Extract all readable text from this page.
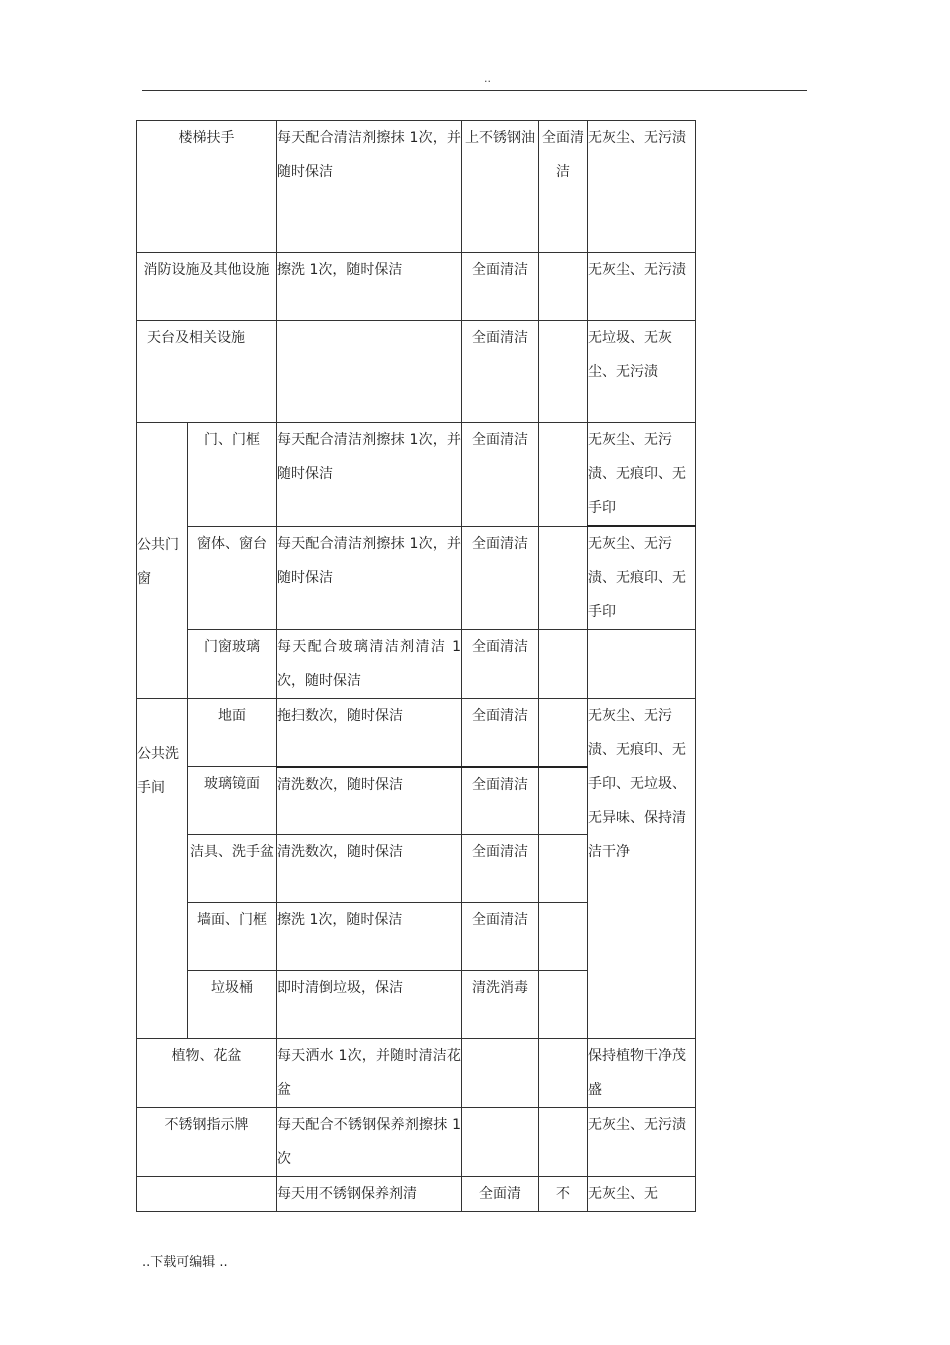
..
楼梯扶手		每天配合清洁剂擦抹 1次，并随时保洁	上不锈钢油	全面清洁	无灰尘、无污渍
消防设施及其他设施		擦洗 1次，随时保洁	全面清洁		无灰尘、无污渍
天台及相关设施			全面清洁		无垃圾、无灰尘、无污渍
公共门窗	门、门框	每天配合清洁剂擦抹 1次，并随时保洁	全面清洁		无灰尘、无污渍、无痕印、无手印
	窗体、窗台	每天配合清洁剂擦抹 1次，并随时保洁	全面清洁		无灰尘、无污渍、无痕印、无手印
	门窗玻璃	每天配合玻璃清洁剂清洁 1次，随时保洁	全面清洁		
公共洗手间	地面	拖扫数次，随时保洁	全面清洁		无灰尘、无污渍、无痕印、无手印、无垃圾、无异味、保持清洁干净
	玻璃镜面	清洗数次，随时保洁	全面清洁		
	洁具、洗手盆	清洗数次，随时保洁	全面清洁		
	墙面、门框	擦洗 1次，随时保洁	全面清洁		
	垃圾桶	即时清倒垃圾，保洁	清洗消毒		
植物、花盆		每天洒水 1次，并随时清洁花盆			保持植物干净茂盛
不锈钢指示牌		每天配合不锈钢保养剂擦抹 1次			无灰尘、无污渍
		每天用不锈钢保养剂清	全面清	不	无灰尘、无
..下载可编辑 ..
